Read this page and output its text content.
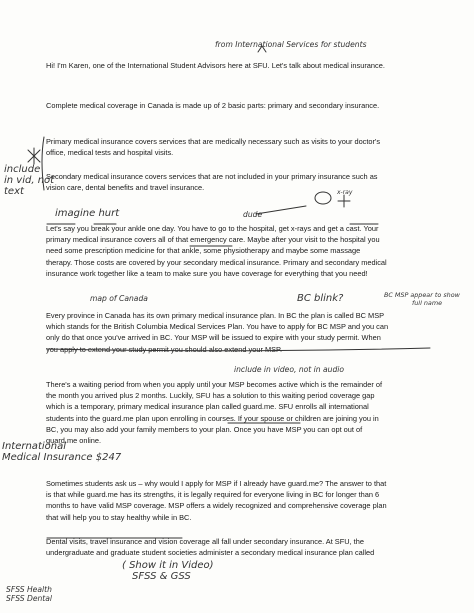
Hi! I'm Karen, one of the International Student Advisors here at SFU. Let's talk about medical insurance.

Complete medical coverage in Canada is made up of 2 basic parts: primary and secondary insurance.

Primary medical insurance covers services that are medically necessary such as visits to your doctor's
office, medical tests and hospital visits.

Secondary medical insurance covers services that are not included in your primary insurance such as
vision care, dental benefits and travel insurance.

Let's say you break your ankle one day. You have to go to the hospital, get x-rays and get a cast. Your
primary medical insurance covers all of that emergency care. Maybe after your visit to the hospital you
need some prescription medicine for that ankle, some physiotherapy and maybe some massage
therapy. Those costs are covered by your secondary medical insurance. Primary and secondary medical
insurance work together like a team to make sure you have coverage for everything that you need!

Every province in Canada has its own primary medical insurance plan. In BC the plan is called BC MSP
which stands for the British Columbia Medical Services Plan. You have to apply for BC MSP and you can
only do that once you've arrived in BC. Your MSP will be issued to expire with your study permit. When
you apply to extend your study permit you should also extend your MSP.

There's a waiting period from when you apply until your MSP becomes active which is the remainder of
the month you arrived plus 2 months. Luckily, SFU has a solution to this waiting period coverage gap
which is a temporary, primary medical insurance plan called guard.me. SFU enrolls all international
students into the guard.me plan upon enrolling in courses. If your spouse or children are joining you in
BC, you may also add your family members to your plan. Once you have MSP you can opt out of
guard.me online.

Sometimes students ask us – why would I apply for MSP if I already have guard.me? The answer to that
is that while guard.me has its strengths, it is legally required for everyone living in BC for longer than 6
months to have valid MSP coverage. MSP offers a widely recognized and comprehensive coverage plan
that will help you to stay healthy while in BC.

Dental visits, travel insurance and vision coverage all fall under secondary insurance. At SFU, the
undergraduate and graduate student societies administer a secondary medical insurance plan called

from International Services for students
include
in vid, not
text
imagine hurt	dude
x-ray
map of Canada	BC blink?	BC MSP appear to show
full name
include in video, not in audio
International
Medical Insurance $247
( Show it in Video)
SFSS & GSS
SFSS Health
SFSS Dental
